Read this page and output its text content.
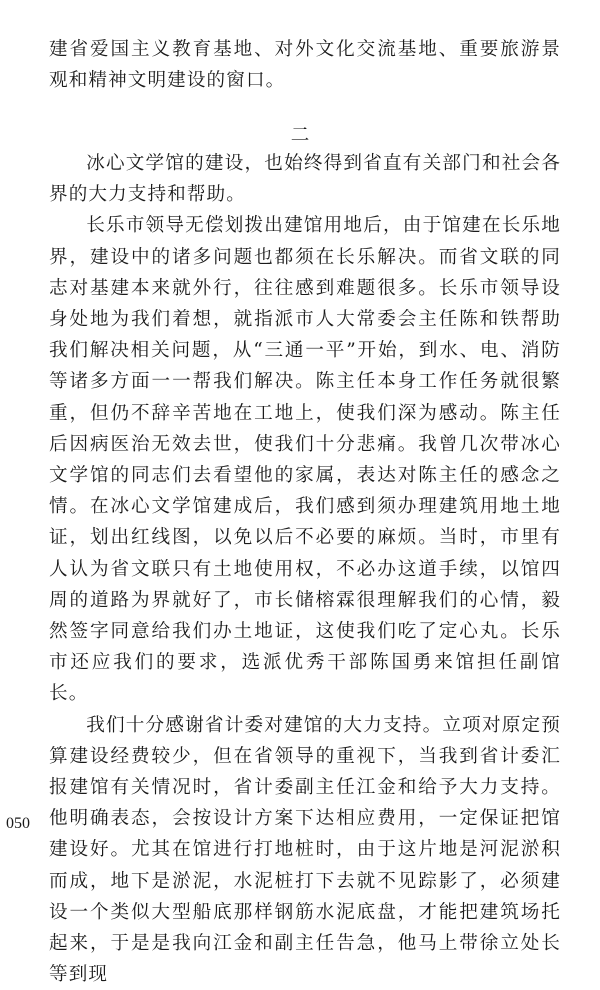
建省爱国主义教育基地、对外文化交流基地、重要旅游景观和精神文明建设的窗口。

二

冰心文学馆的建设，也始终得到省直有关部门和社会各界的大力支持和帮助。

长乐市领导无偿划拨出建馆用地后，由于馆建在长乐地界，建设中的诸多问题也都须在长乐解决。而省文联的同志对基建本来就外行，往往感到难题很多。长乐市领导设身处地为我们着想，就指派市人大常委会主任陈和铁帮助我们解决相关问题，从“三通一平”开始，到水、电、消防等诸多方面一一帮我们解决。陈主任本身工作任务就很繁重，但仍不辞辛苦地在工地上，使我们深为感动。陈主任后因病医治无效去世，使我们十分悲痛。我曾几次带冰心文学馆的同志们去看望他的家属，表达对陈主任的感念之情。在冰心文学馆建成后，我们感到须办理建筑用地土地证，划出红线图，以免以后不必要的麻烦。当时，市里有人认为省文联只有土地使用权，不必办这道手续，以馆四周的道路为界就好了，市长储榕霖很理解我们的心情，毅然签字同意给我们办土地证，这使我们吃了定心丸。长乐市还应我们的要求，选派优秀干部陈国勇来馆担任副馆长。

我们十分感谢省计委对建馆的大力支持。立项对原定预算建设经费较少，但在省领导的重视下，当我到省计委汇报建馆有关情况时，省计委副主任江金和给予大力支持。他明确表态，会按设计方案下达相应费用，一定保证把馆建设好。尤其在馆进行打地桩时，由于这片地是河泥淤积而成，地下是淤泥，水泥桩打下去就不见踪影了，必须建设一个类似大型船底那样钢筋水泥底盘，才能把建筑场托起来，于是是我向江金和副主任告急，他马上带徐立处长等到现

050
